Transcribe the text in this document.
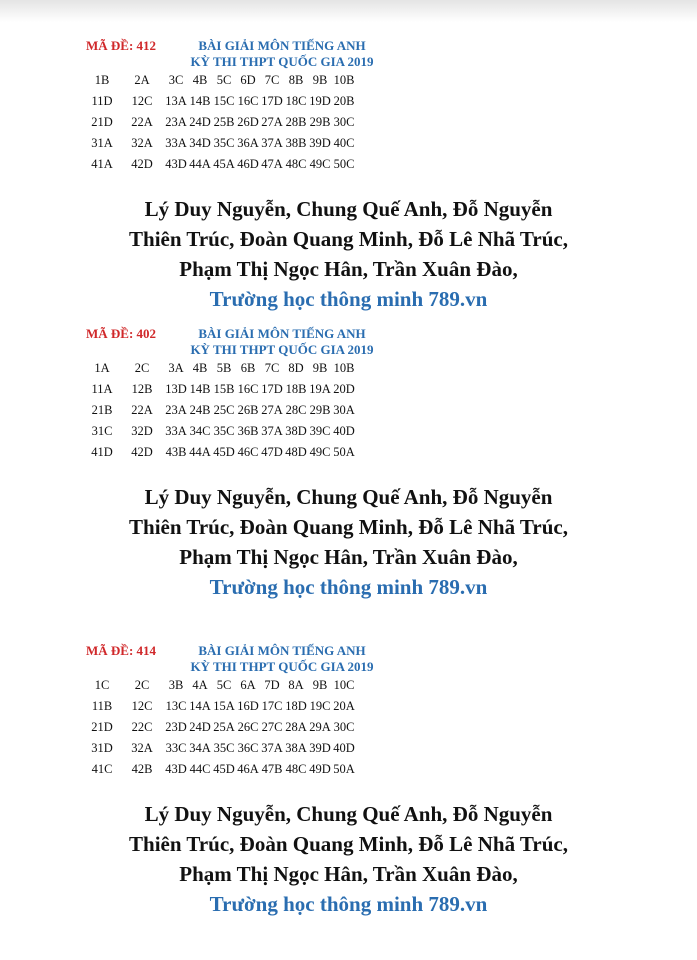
MÃ ĐỀ: 412	BÀI GIẢI MÔN TIẾNG ANH
KỲ THI THPT QUỐC GIA 2019
1B	2A	3C	4B	5C	6D	7C	8B	9B	10B
11D	12C	13A	14B	15C	16C	17D	18C	19D	20B
21D	22A	23A	24D	25B	26D	27A	28B	29B	30C
31A	32A	33A	34D	35C	36A	37A	38B	39D	40C
41A	42D	43D	44A	45A	46D	47A	48C	49C	50C
Lý Duy Nguyễn, Chung Quế Anh, Đỗ Nguyễn
Thiên Trúc, Đoàn Quang Minh, Đỗ Lê Nhã Trúc,
Phạm Thị Ngọc Hân, Trần Xuân Đào,
Trường học thông minh 789.vn
MÃ ĐỀ: 402	BÀI GIẢI MÔN TIẾNG ANH
KỲ THI THPT QUỐC GIA 2019
1A	2C	3A	4B	5B	6B	7C	8D	9B	10B
11A	12B	13D	14B	15B	16C	17D	18B	19A	20D
21B	22A	23A	24B	25C	26B	27A	28C	29B	30A
31C	32D	33A	34C	35C	36B	37A	38D	39C	40D
41D	42D	43B	44A	45D	46C	47D	48D	49C	50A
Lý Duy Nguyễn, Chung Quế Anh, Đỗ Nguyễn
Thiên Trúc, Đoàn Quang Minh, Đỗ Lê Nhã Trúc,
Phạm Thị Ngọc Hân, Trần Xuân Đào,
Trường học thông minh 789.vn
MÃ ĐỀ: 414	BÀI GIẢI MÔN TIẾNG ANH
KỲ THI THPT QUỐC GIA 2019
1C	2C	3B	4A	5C	6A	7D	8A	9B	10C
11B	12C	13C	14A	15A	16D	17C	18D	19C	20A
21D	22C	23D	24D	25A	26C	27C	28A	29A	30C
31D	32A	33C	34A	35C	36C	37A	38A	39D	40D
41C	42B	43D	44C	45D	46A	47B	48C	49D	50A
Lý Duy Nguyễn, Chung Quế Anh, Đỗ Nguyễn
Thiên Trúc, Đoàn Quang Minh, Đỗ Lê Nhã Trúc,
Phạm Thị Ngọc Hân, Trần Xuân Đào,
Trường học thông minh 789.vn
